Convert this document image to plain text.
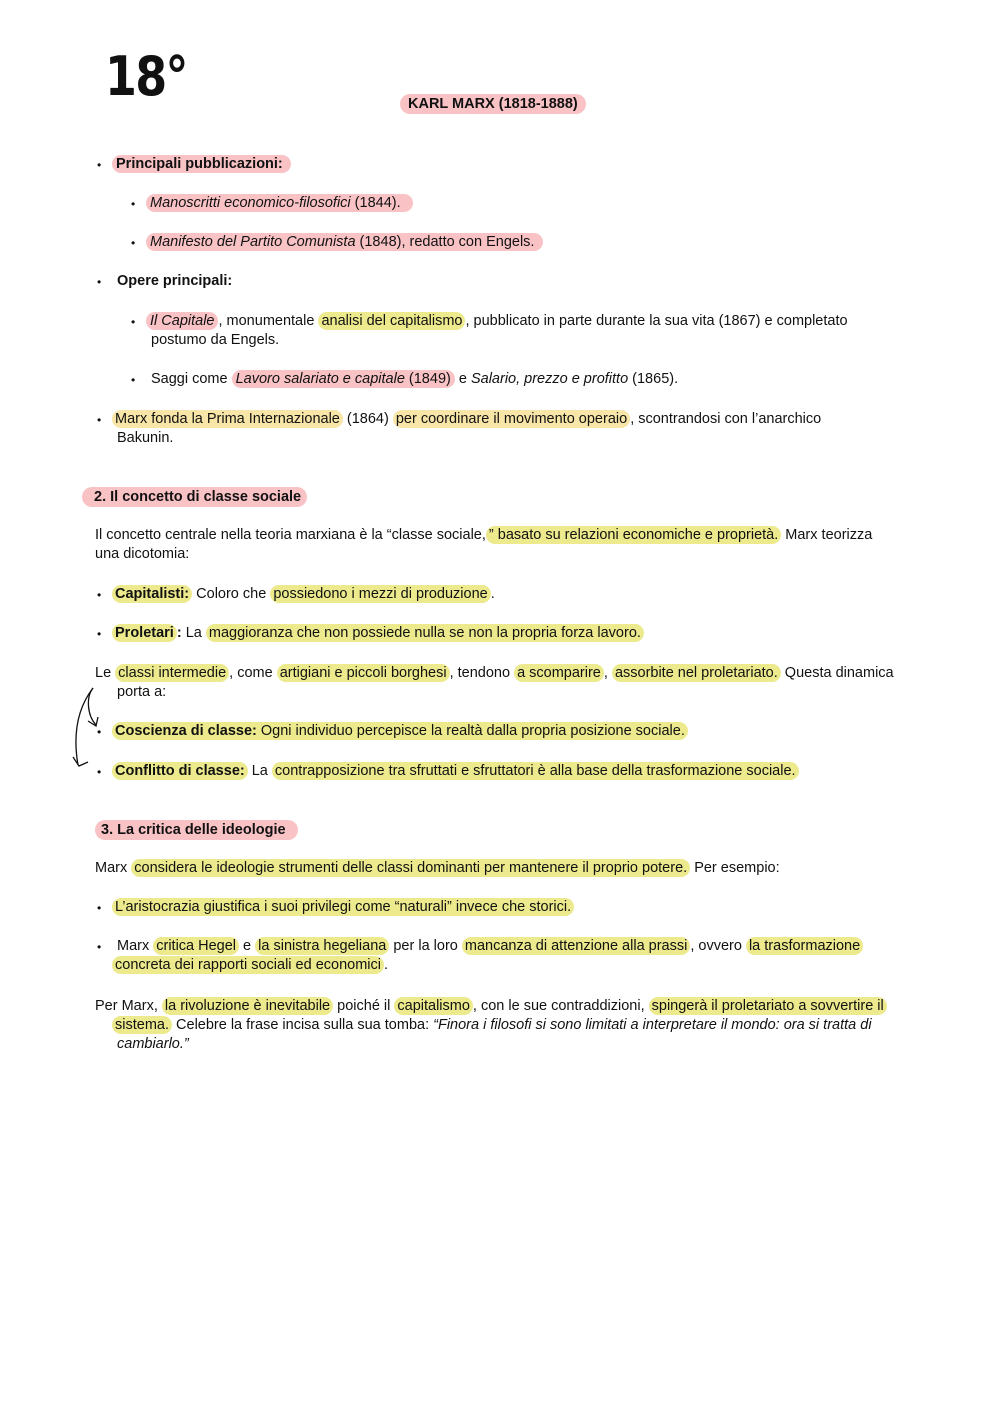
18°	KARL MARX (1818-1888)
• Principali pubblicazioni:
• Manoscritti economico-filosofici (1844).
• Manifesto del Partito Comunista (1848), redatto con Engels.
• Opere principali:
• Il Capitale , monumentale analisi del capitalismo , pubblicato in parte durante la sua vita (1867) e completato
postumo da Engels.
• Saggi come Lavoro salariato e capitale (1849) e Salario, prezzo e profitto (1865).
• Marx fonda la Prima Internazionale (1864) per coordinare il movimento operaio , scontrandosi con l’anarchico
Bakunin.
2. Il concetto di classe sociale
Il concetto centrale nella teoria marxiana è la “classe sociale, ” basato su relazioni economiche e proprietà. Marx teorizza
una dicotomia:
• Capitalisti: Coloro che possiedono i mezzi di produzione .
• Proletari : La maggioranza che non possiede nulla se non la propria forza lavoro.
Le classi intermedie , come artigiani e piccoli borghesi , tendono a scomparire , assorbite nel proletariato. Questa dinamica
porta a:
• Coscienza di classe: Ogni individuo percepisce la realtà dalla propria posizione sociale.
• Conflitto di classe: La contrapposizione tra sfruttati e sfruttatori è alla base della trasformazione sociale.
3. La critica delle ideologie
Marx considera le ideologie strumenti delle classi dominanti per mantenere il proprio potere. Per esempio:
• L’aristocrazia giustifica i suoi privilegi come “naturali” invece che storici.
• Marx critica Hegel e la sinistra hegeliana per la loro mancanza di attenzione alla prassi , ovvero la trasformazione
concreta dei rapporti sociali ed economici .
Per Marx, la rivoluzione è inevitabile poiché il capitalismo , con le sue contraddizioni, spingerà il proletariato a sovvertire il
sistema. Celebre la frase incisa sulla sua tomba: “Finora i filosofi si sono limitati a interpretare il mondo: ora si tratta di
cambiarlo.”
